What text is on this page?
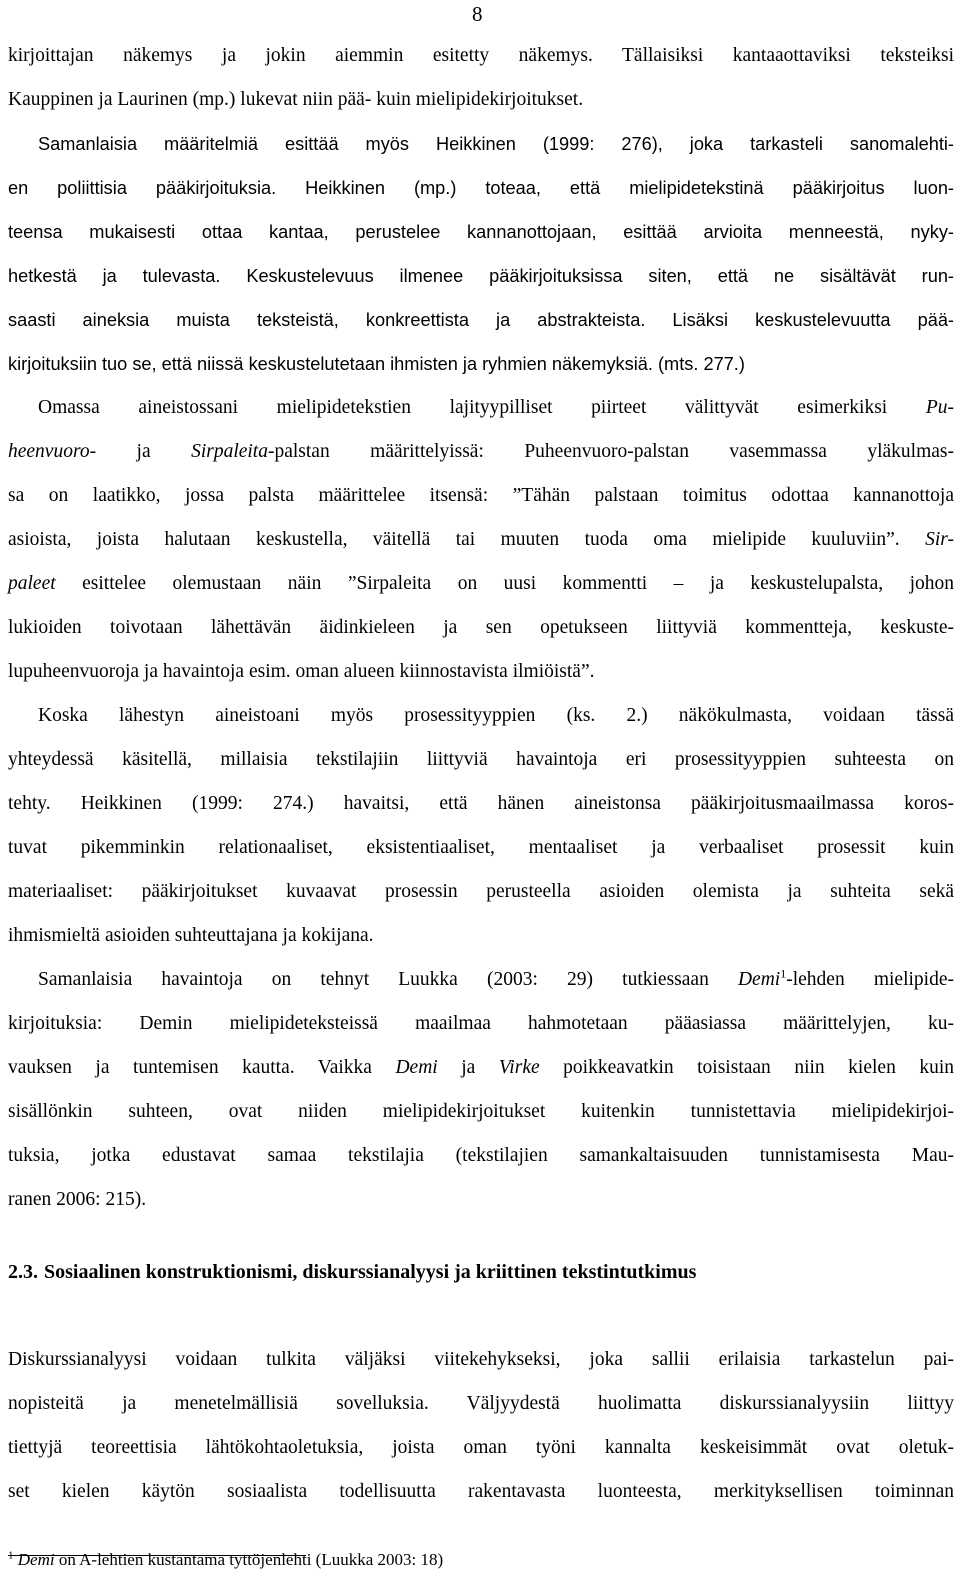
8
kirjoittajan näkemys ja jokin aiemmin esitetty näkemys. Tällaisiksi kantaaottaviksi teksteiksi
Kauppinen ja Laurinen (mp.) lukevat niin pää- kuin mielipidekirjoitukset.
Samanlaisia määritelmiä esittää myös Heikkinen (1999: 276), joka tarkasteli sanomalehti-
en poliittisia pääkirjoituksia. Heikkinen (mp.) toteaa, että mielipidetekstinä pääkirjoitus luon-
teensa mukaisesti ottaa kantaa, perustelee kannanottojaan, esittää arvioita menneestä, nyky-
hetkestä ja tulevasta. Keskustelevuus ilmenee pääkirjoituksissa siten, että ne sisältävät run-
saasti aineksia muista teksteistä, konkreettista ja abstrakteista. Lisäksi keskustelevuutta pää-
kirjoituksiin tuo se, että niissä keskustelutetaan ihmisten ja ryhmien näkemyksiä. (mts. 277.)
Omassa aineistossani mielipidetekstien lajityypilliset piirteet välittyvät esimerkiksi Pu-
heenvuoro- ja Sirpaleita-palstan määrittelyissä: Puheenvuoro-palstan vasemmassa yläkulmas-
sa on laatikko, jossa palsta määrittelee itsensä: ”Tähän palstaan toimitus odottaa kannanottoja
asioista, joista halutaan keskustella, väitellä tai muuten tuoda oma mielipide kuuluviin”. Sir-
paleet esittelee olemustaan näin ”Sirpaleita on uusi kommentti – ja keskustelupalsta, johon
lukioiden toivotaan lähettävän äidinkieleen ja sen opetukseen liittyviä kommentteja, keskuste-
lupuheenvuoroja ja havaintoja esim. oman alueen kiinnostavista ilmiöistä”.
Koska lähestyn aineistoani myös prosessityyppien (ks. 2.) näkökulmasta, voidaan tässä
yhteydessä käsitellä, millaisia tekstilajiin liittyviä havaintoja eri prosessityyppien suhteesta on
tehty. Heikkinen (1999: 274.) havaitsi, että hänen aineistonsa pääkirjoitusmaailmassa koros-
tuvat pikemminkin relationaaliset, eksistentiaaliset, mentaaliset ja verbaaliset prosessit kuin
materiaaliset: pääkirjoitukset kuvaavat prosessin perusteella asioiden olemista ja suhteita sekä
ihmismieltä asioiden suhteuttajana ja kokijana.
Samanlaisia havaintoja on tehnyt Luukka (2003: 29) tutkiessaan Demi$^1$-lehden mielipide-
kirjoituksia: Demin mielipideteksteissä maailmaa hahmotetaan pääasiassa määrittelyjen, ku-
vauksen ja tuntemisen kautta. Vaikka Demi ja Virke poikkeavatkin toisistaan niin kielen kuin
sisällönkin suhteen, ovat niiden mielipidekirjoitukset kuitenkin tunnistettavia mielipidekirjoi-
tuksia, jotka edustavat samaa tekstilajia (tekstilajien samankaltaisuuden tunnistamisesta Mau-
ranen 2006: 215).
2.3. Sosiaalinen konstruktionismi, diskurssianalyysi ja kriittinen tekstintutkimus
Diskurssianalyysi voidaan tulkita väljäksi viitekehykseksi, joka sallii erilaisia tarkastelun pai-
nopisteitä ja menetelmällisiä sovelluksia. Väljyydestä huolimatta diskurssianalyysiin liittyy
tiettyjä teoreettisia lähtökohtaoletuksia, joista oman työni kannalta keskeisimmät ovat oletuk-
set kielen käytön sosiaalista todellisuutta rakentavasta luonteesta, merkityksellisen toiminnan
$^1$ Demi on A-lehtien kustantama tyttöjenlehti (Luukka 2003: 18)
